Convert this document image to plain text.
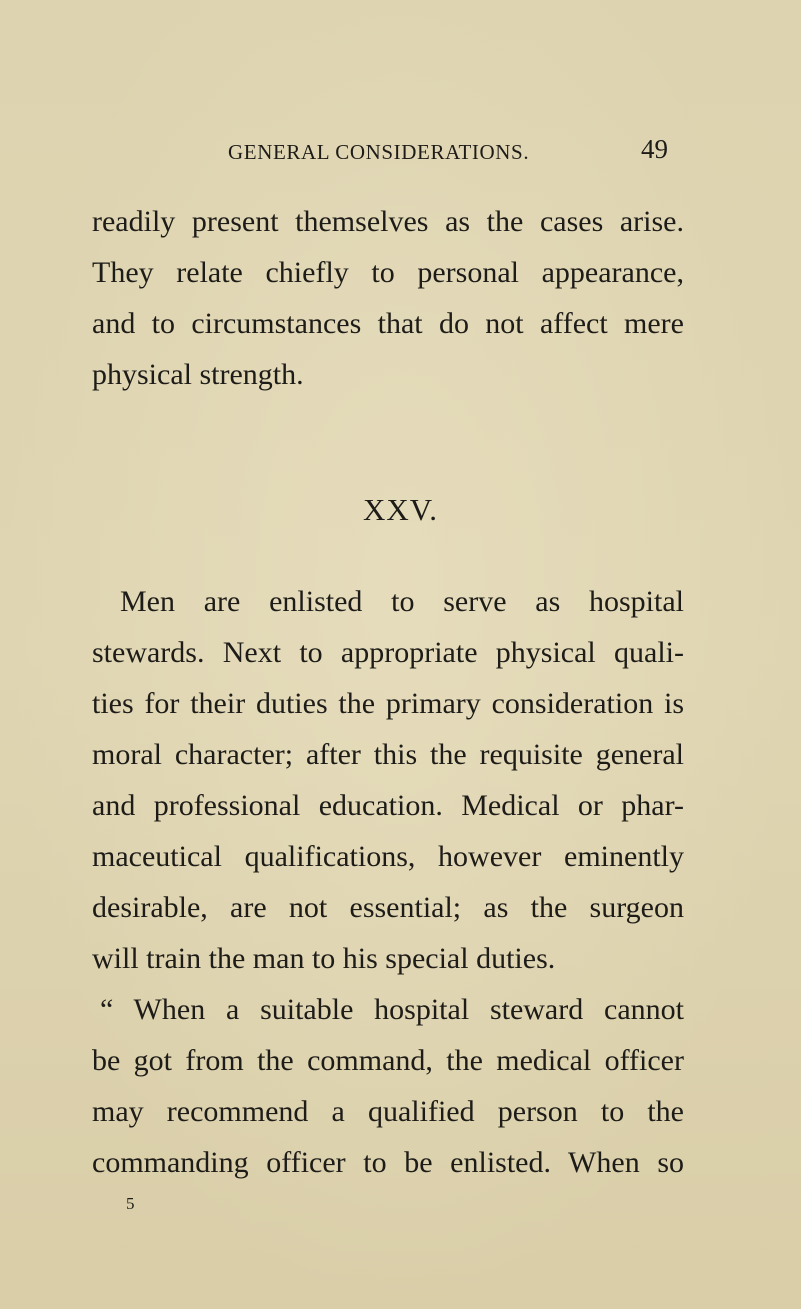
GENERAL CONSIDERATIONS.	49
readily present themselves as the cases arise.
They relate chiefly to personal appearance,
and to circumstances that do not affect mere
physical strength.
XXV.
Men are enlisted to serve as hospital
stewards. Next to appropriate physical quali-
ties for their duties the primary consideration is
moral character; after this the requisite general
and professional education. Medical or phar-
maceutical qualifications, however eminently
desirable, are not essential; as the surgeon
will train the man to his special duties.
“ When a suitable hospital steward cannot
be got from the command, the medical officer
may recommend a qualified person to the
commanding officer to be enlisted. When so
5
